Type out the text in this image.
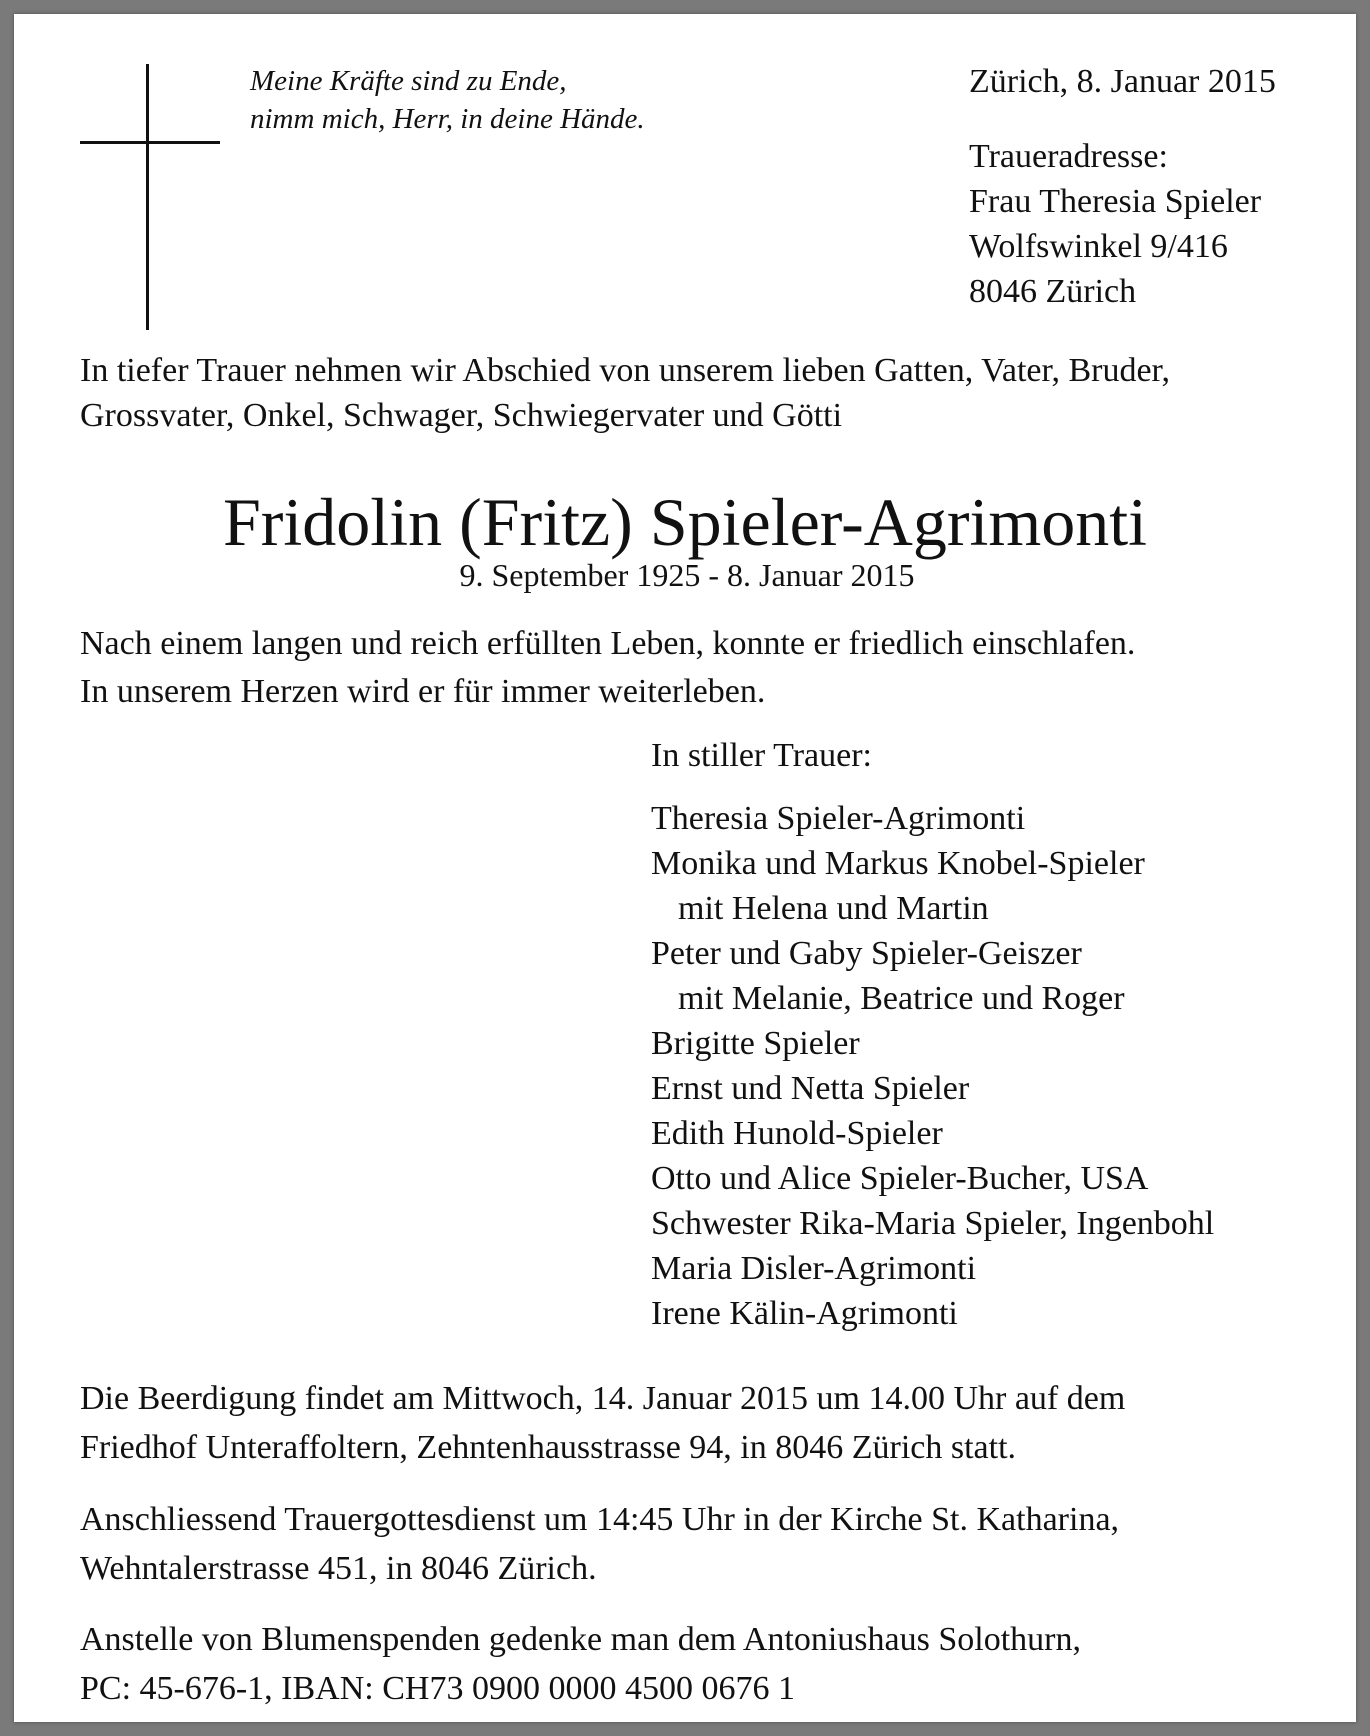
Meine Kräfte sind zu Ende,
nimm mich, Herr, in deine Hände.
Zürich, 8. Januar 2015
Traueradresse:
Frau Theresia Spieler
Wolfswinkel 9/416
8046 Zürich
In tiefer Trauer nehmen wir Abschied von unserem lieben Gatten, Vater, Bruder,
Grossvater, Onkel, Schwager, Schwiegervater und Götti
Fridolin (Fritz) Spieler-Agrimonti
9. September 1925 - 8. Januar 2015
Nach einem langen und reich erfüllten Leben, konnte er friedlich einschlafen.
In unserem Herzen wird er für immer weiterleben.
In stiller Trauer:
Theresia Spieler-Agrimonti
Monika und Markus Knobel-Spieler
mit Helena und Martin
Peter und Gaby Spieler-Geiszer
mit Melanie, Beatrice und Roger
Brigitte Spieler
Ernst und Netta Spieler
Edith Hunold-Spieler
Otto und Alice Spieler-Bucher, USA
Schwester Rika-Maria Spieler, Ingenbohl
Maria Disler-Agrimonti
Irene Kälin-Agrimonti
Die Beerdigung findet am Mittwoch, 14. Januar 2015 um 14.00 Uhr auf dem
Friedhof Unteraffoltern, Zehntenhausstrasse 94, in 8046 Zürich statt.
Anschliessend Trauergottesdienst um 14:45 Uhr in der Kirche St. Katharina,
Wehntalerstrasse 451, in 8046 Zürich.
Anstelle von Blumenspenden gedenke man dem Antoniushaus Solothurn,
PC: 45-676-1, IBAN: CH73 0900 0000 4500 0676 1
